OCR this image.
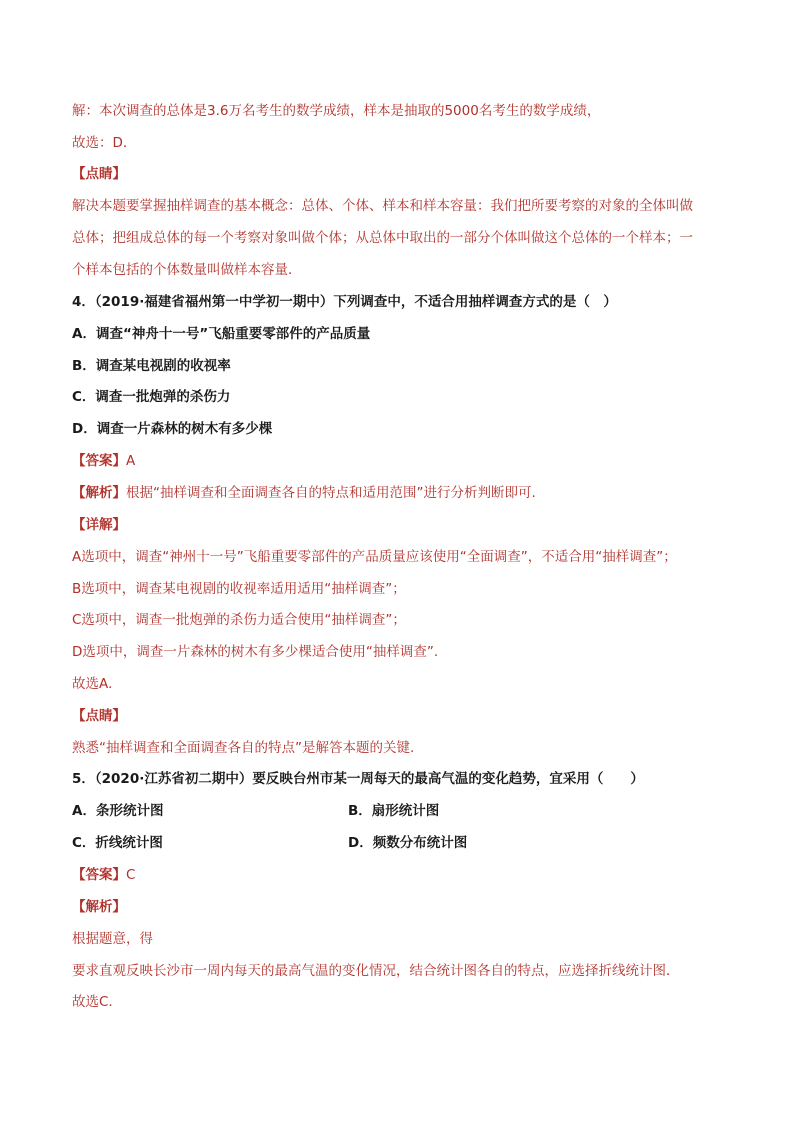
解：本次调查的总体是3.6万名考生的数学成绩，样本是抽取的5000名考生的数学成绩，
故选：D．
【点睛】
解决本题要掌握抽样调查的基本概念：总体、个体、样本和样本容量：我们把所要考察的对象的全体叫做
总体；把组成总体的每一个考察对象叫做个体；从总体中取出的一部分个体叫做这个总体的一个样本；一
个样本包括的个体数量叫做样本容量．
4．（2019·福建省福州第一中学初一期中）下列调查中，不适合用抽样调查方式的是（　）
A．调查“神舟十一号”飞船重要零部件的产品质量
B．调查某电视剧的收视率
C．调查一批炮弹的杀伤力
D．调查一片森林的树木有多少棵
【答案】A
【解析】根据“抽样调查和全面调查各自的特点和适用范围”进行分析判断即可.
【详解】
A选项中，调查“神州十一号”飞船重要零部件的产品质量应该使用“全面调查”，不适合用“抽样调查”；
B选项中，调查某电视剧的收视率适用适用“抽样调查”；
C选项中，调查一批炮弹的杀伤力适合使用“抽样调查”；
D选项中，调查一片森林的树木有多少棵适合使用“抽样调查”.
故选A.
【点睛】
熟悉“抽样调查和全面调查各自的特点”是解答本题的关键.
5．（2020·江苏省初二期中）要反映台州市某一周每天的最高气温的变化趋势，宜采用（　　）
A．条形统计图	B．扇形统计图
C．折线统计图	D．频数分布统计图
【答案】C
【解析】
根据题意，得
要求直观反映长沙市一周内每天的最高气温的变化情况，结合统计图各自的特点，应选择折线统计图．
故选C.
